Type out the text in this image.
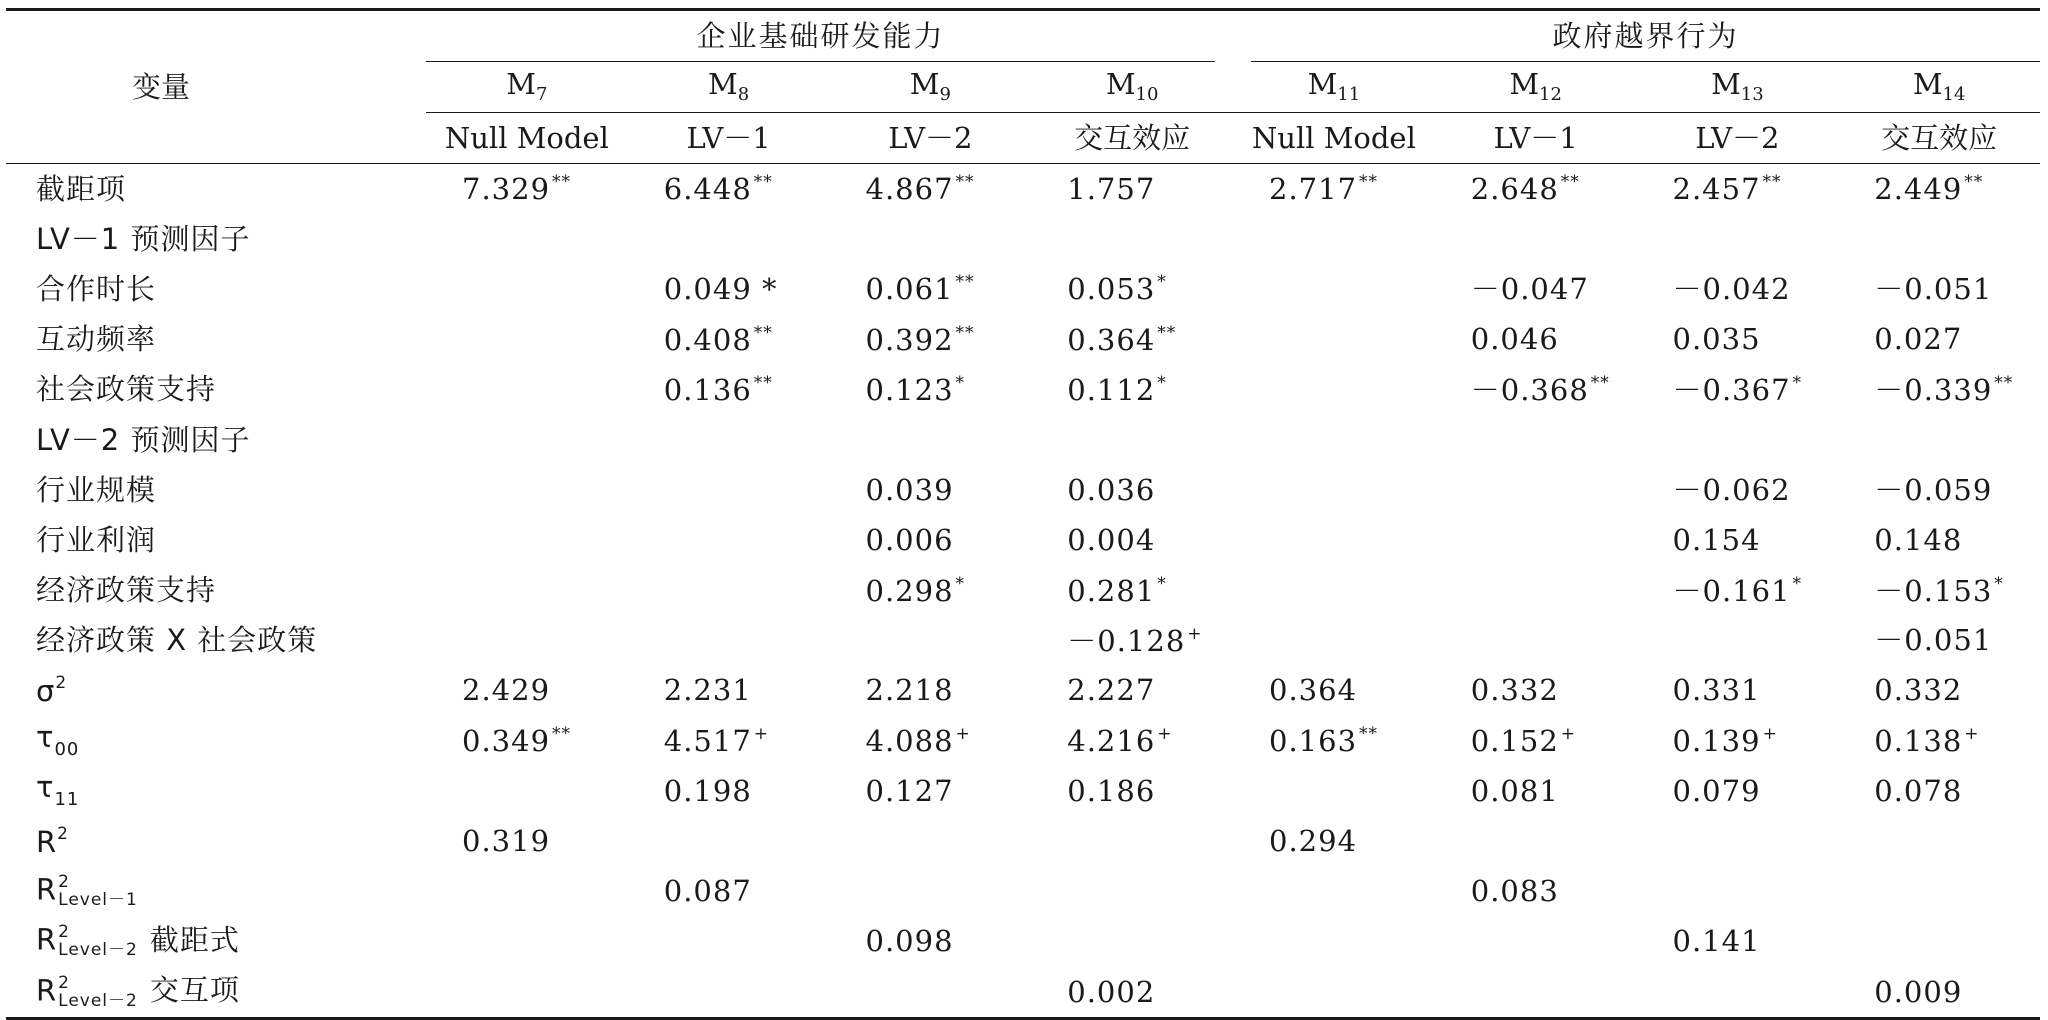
变量	企业基础研发能力				政府越界行为			

	$M_7$	$M_8$	$M_9$	$M_{10}$	$M_{11}$	$M_{12}$	$M_{13}$	$M_{14}$
	Null Model	LV－1	LV－2	交互效应	Null Model	LV－1	LV－2	交互效应
截距项	7.329 **	6.448 **	4.867 **	1.757	2.717 **	2.648 **	2.457 **	2.449 **
LV－1 预测因子								
合作时长		0.049 *	0.061 **	0.053 *		－0.047	－0.042	－0.051
互动频率		0.408 **	0.392 **	0.364 **		0.046	0.035	0.027
社会政策支持		0.136 **	0.123 *	0.112 *		－0.368 **	－0.367 *	－0.339 **
LV－2 预测因子								
行业规模			0.039	0.036			－0.062	－0.059
行业利润			0.006	0.004			0.154	0.148
经济政策支持			0.298 *	0.281 *			－0.161 *	－0.153 *
经济政策 X 社会政策				－0.128 +				－0.051
$\sigma^2$	2.429	2.231	2.218	2.227	0.364	0.332	0.331	0.332
$\tau_{00}$	0.349 **	4.517 +	4.088 +	4.216 +	0.163 **	0.152 +	0.139 +	0.138 +
$\tau_{11}$		0.198	0.127	0.186		0.081	0.079	0.078
$R^2$	0.319				0.294			
R 2
Level－1		0.087				0.083		
R 2
Level－2 截距式			0.098				0.141	
R 2
Level－2 交互项				0.002				0.009
